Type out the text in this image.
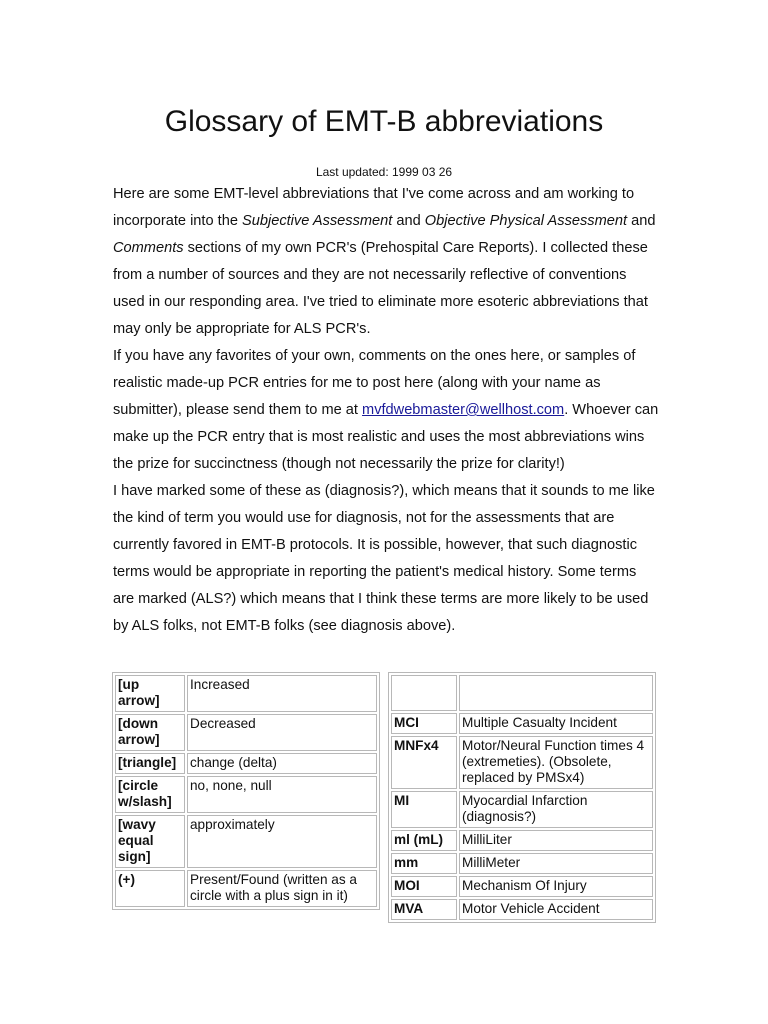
Glossary of EMT-B abbreviations
Last updated: 1999 03 26

Here are some EMT-level abbreviations that I've come across and am working to incorporate into the Subjective Assessment and Objective Physical Assessment and Comments sections of my own PCR's (Prehospital Care Reports). I collected these from a number of sources and they are not necessarily reflective of conventions used in our responding area. I've tried to eliminate more esoteric abbreviations that may only be appropriate for ALS PCR's.

If you have any favorites of your own, comments on the ones here, or samples of realistic made-up PCR entries for me to post here (along with your name as submitter), please send them to me at mvfdwebmaster@wellhost.com. Whoever can make up the PCR entry that is most realistic and uses the most abbreviations wins the prize for succinctness (though not necessarily the prize for clarity!)

I have marked some of these as (diagnosis?), which means that it sounds to me like the kind of term you would use for diagnosis, not for the assessments that are currently favored in EMT-B protocols. It is possible, however, that such diagnostic terms would be appropriate in reporting the patient's medical history. Some terms are marked (ALS?) which means that I think these terms are more likely to be used by ALS folks, not EMT-B folks (see diagnosis above).

[up arrow]	Increased
[down arrow]	Decreased
[triangle]	change (delta)
[circle w/slash]	no, none, null
[wavy equal sign]	approximately
(+)	Present/Found (written as a circle with a plus sign in it)

MCI	Multiple Casualty Incident
MNFx4	Motor/Neural Function times 4 (extremeties). (Obsolete, replaced by PMSx4)
MI	Myocardial Infarction (diagnosis?)
ml (mL)	MilliLiter
mm	MilliMeter
MOI	Mechanism Of Injury
MVA	Motor Vehicle Accident
